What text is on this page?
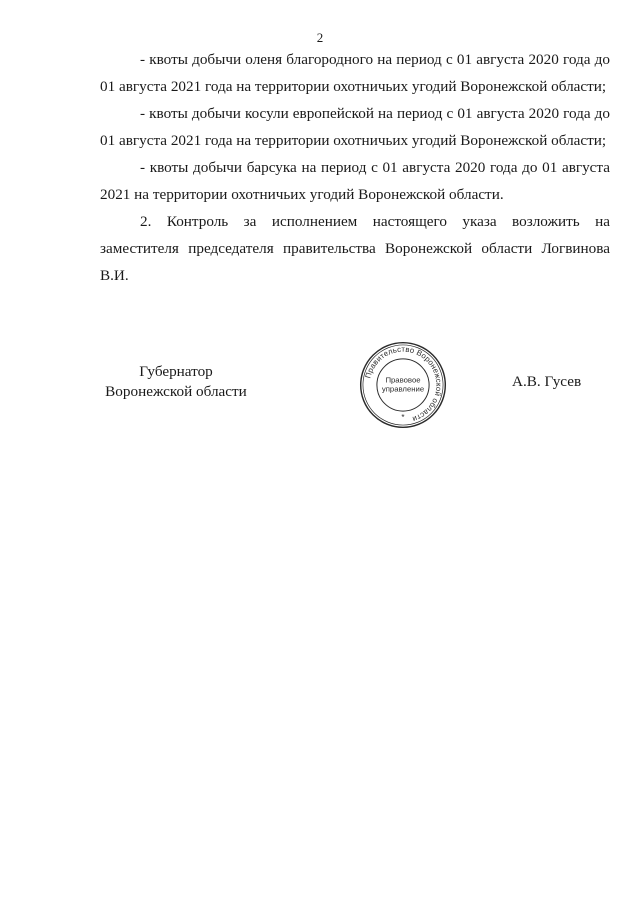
2

- квоты добычи оленя благородного на период с 01 августа 2020 года до 01 августа 2021 года на территории охотничьих угодий Воронежской области;

- квоты добычи косули европейской на период с 01 августа 2020 года до 01 августа 2021 года на территории охотничьих угодий Воронежской области;

- квоты добычи барсука на период с 01 августа 2020 года до 01 августа 2021 на территории охотничьих угодий Воронежской области.

2. Контроль за исполнением настоящего указа возложить на заместителя председателя правительства Воронежской области Логвинова В.И.

Губернатор
Воронежской области
Правительство Воронежской области
Правовое
управление
*
А.В. Гусев
